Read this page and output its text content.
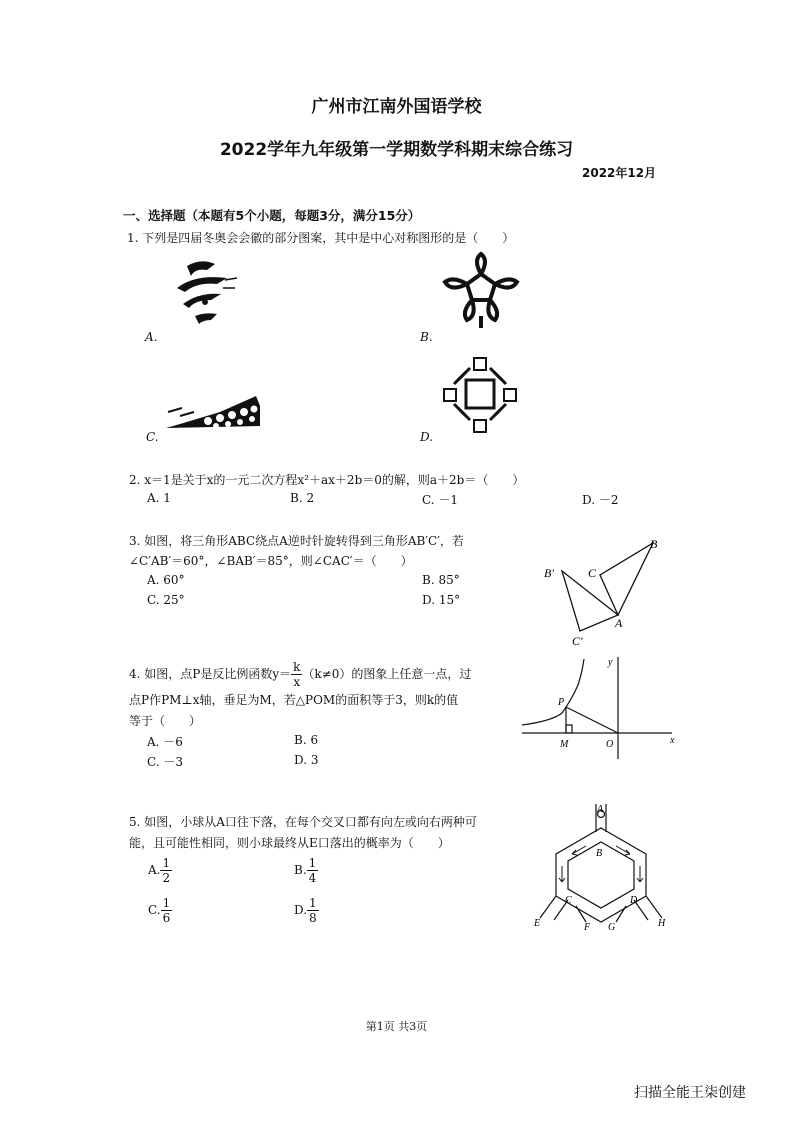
广州市江南外国语学校
2022学年九年级第一学期数学科期末综合练习
2022年12月
一、选择题（本题有5个小题，每题3分，满分15分）
1. 下列是四届冬奥会会徽的部分图案，其中是中心对称图形的是（　　）
A.	B.
C.	D.
2. x＝1是关于x的一元二次方程x²＋ax＋2b＝0的解，则a＋2b＝（　　）
A. 1	B. 2	C. －1	D. －2
3. 如图，将三角形ABC绕点A逆时针旋转得到三角形AB′C′，若
∠C′AB′＝60°，∠BAB′＝85°，则∠CAC′＝（　　）
A. 60°	B. 85°
C. 25°	D. 15°
B
C
B′
A
C′
4. 如图，点P是反比例函数$y= \frac{k}{x} (k\ne 0)$的图象上任意一点，过
点P作PM⊥x轴，垂足为M，若△POM的面积等于3，则k的值
等于（　　）
A. －6	B. 6
C. －3	D. 3
y
P
M	O	x
5. 如图，小球从A口往下落，在每个交叉口都有向左或向右两种可
能，且可能性相同，则小球最终从E口落出的概率为（　　）
A. $\frac{1}{2}$	B. $\frac{1}{4}$
C. $\frac{1}{6}$	D. $\frac{1}{8}$
A
B
C	D
E	F G	H
第1页 共3页
扫描全能王柒创建
